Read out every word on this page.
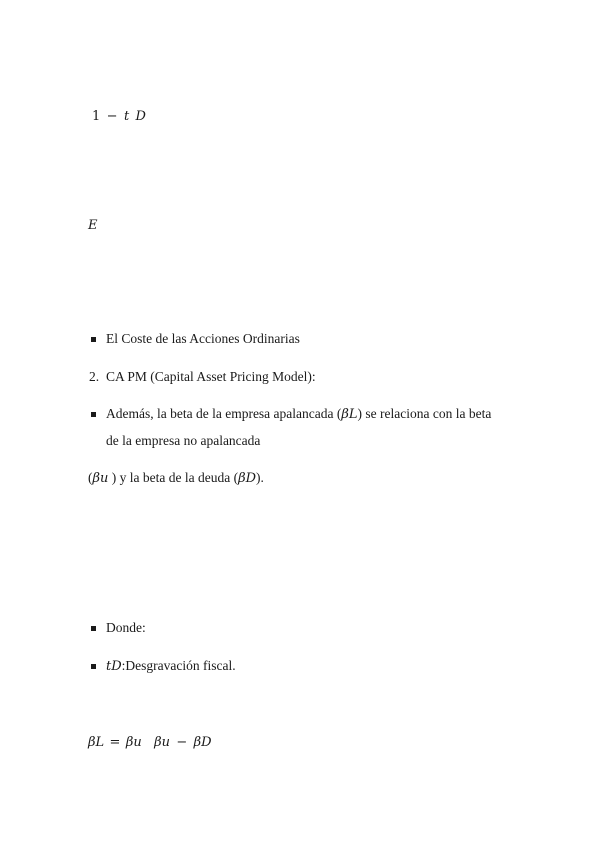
1 − t D
E
El Coste de las Acciones Ordinarias
2. CA PM (Capital Asset Pricing Model):
Además, la beta de la empresa apalancada (βL) se relaciona con la beta
de la empresa no apalancada
(βu ) y la beta de la deuda (βD).
Donde:
tD:Desgravación fiscal.
βL = βu βu − βD
